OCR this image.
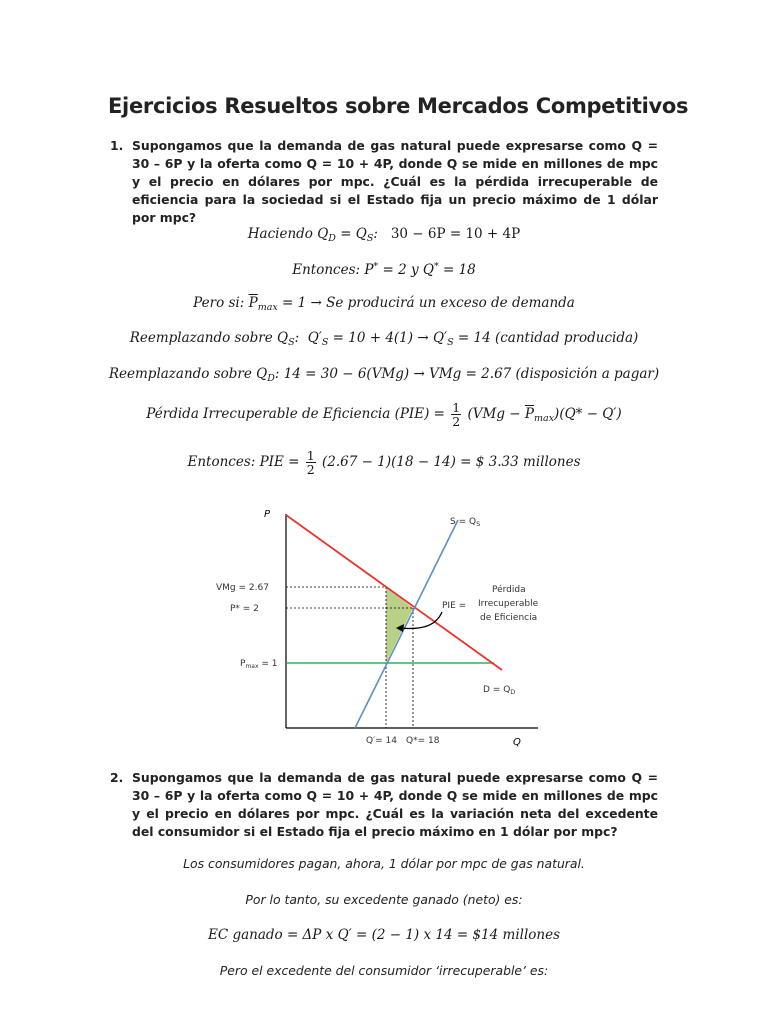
Ejercicios Resueltos sobre Mercados Competitivos
1. Supongamos que la demanda de gas natural puede expresarse como Q = 30 – 6P y la oferta como Q = 10 + 4P, donde Q se mide en millones de mpc y el precio en dólares por mpc. ¿Cuál es la pérdida irrecuperable de eficiencia para la sociedad si el Estado fija un precio máximo de 1 dólar por mpc?
Haciendo $Q_D = Q_S$: 30 − 6P = 10 + 4P
Entonces: P* = 2 y Q* = 18
Pero si: $\overline{P}_{max} = 1 \to Se$ producirá un exceso de demanda
Reemplazando sobre $Q_S$:  $Q'_S = 10 + 4(1) \to Q'_S = 14$ (cantidad producida)
Reemplazando sobre $Q_D$: 14 = 30 − 6(VMg) → VMg = 2.67 (disposición a pagar)
Pérdida Irrecuperable de Eficiencia $(PIE) = \frac{1}{2} (VMg - \overline{P}_{max})(Q* - Q')$
Entonces: PIE = $\frac{1}{2} (2.67 - 1)(18 - 14)$ = $ 3.33 millones
P
Q
$S = Q_S$
$D = Q_D$
VMg = 2.67
P* = 2
$P_{max} = 1$
Q′= 14 Q*= 18
PIE =
Pérdida
Irrecuperable
de Eficiencia
2. Supongamos que la demanda de gas natural puede expresarse como Q = 30 – 6P y la oferta como Q = 10 + 4P, donde Q se mide en millones de mpc y el precio en dólares por mpc. ¿Cuál es la variación neta del excedente del consumidor si el Estado fija el precio máximo en 1 dólar por mpc?
Los consumidores pagan, ahora, 1 dólar por mpc de gas natural.
Por lo tanto, su excedente ganado (neto) es:
EC ganado = ΔP x Q′ = (2 − 1) x 14 = $14 millones
Pero el excedente del consumidor ‘irrecuperable’ es:
